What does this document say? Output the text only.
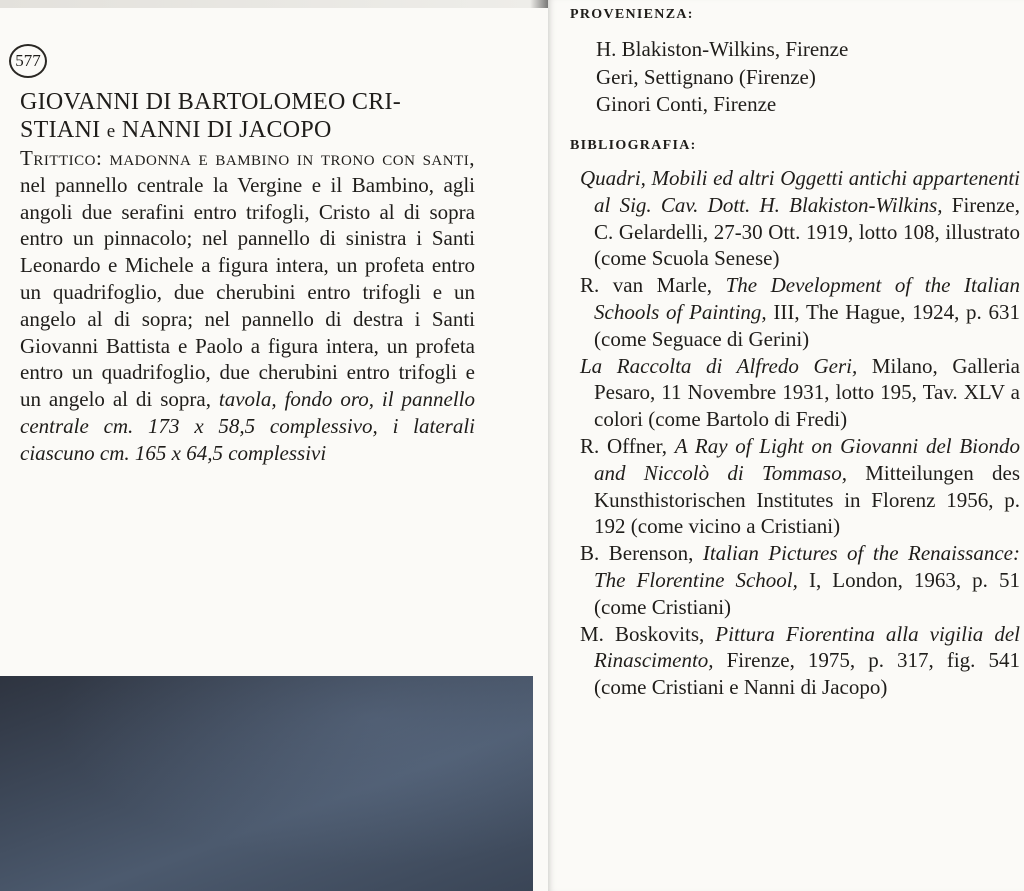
577
GIOVANNI DI BARTOLOMEO CRI-
STIANI e NANNI DI JACOPO

Trittico: madonna e bambino in trono con santi, nel pannello centrale la Vergine e il Bambino, agli angoli due serafini entro trifogli, Cristo al di sopra entro un pinnacolo; nel pannello di sinistra i Santi Leonardo e Michele a figura intera, un profeta entro un quadrifoglio, due cherubini entro trifogli e un angelo al di sopra; nel pannello di destra i Santi Giovanni Battista e Paolo a figura intera, un profeta entro un quadrifoglio, due cherubini entro trifogli e un angelo al di sopra, tavola, fondo oro, il pannello centrale cm. 173 x 58,5 complessivo, i laterali ciascuno cm. 165 x 64,5 complessivi

PROVENIENZA:
H. Blakiston-Wilkins, Firenze
Geri, Settignano (Firenze)
Ginori Conti, Firenze
BIBLIOGRAFIA:
Quadri, Mobili ed altri Oggetti antichi appartenenti al Sig. Cav. Dott. H. Blakiston-Wilkins, Firenze, C. Gelardelli, 27-30 Ott. 1919, lotto 108, illustrato (come Scuola Senese)
R. van Marle, The Development of the Italian Schools of Painting, III, The Hague, 1924, p. 631 (come Seguace di Gerini)
La Raccolta di Alfredo Geri, Milano, Galleria Pesaro, 11 Novembre 1931, lotto 195, Tav. XLV a colori (come Bartolo di Fredi)
R. Offner, A Ray of Light on Giovanni del Biondo and Niccolò di Tommaso, Mitteilungen des Kunsthistorischen Institutes in Florenz 1956, p. 192 (come vicino a Cristiani)
B. Berenson, Italian Pictures of the Renaissance: The Florentine School, I, London, 1963, p. 51 (come Cristiani)
M. Boskovits, Pittura Fiorentina alla vigilia del Rinascimento, Firenze, 1975, p. 317, fig. 541 (come Cristiani e Nanni di Jacopo)
